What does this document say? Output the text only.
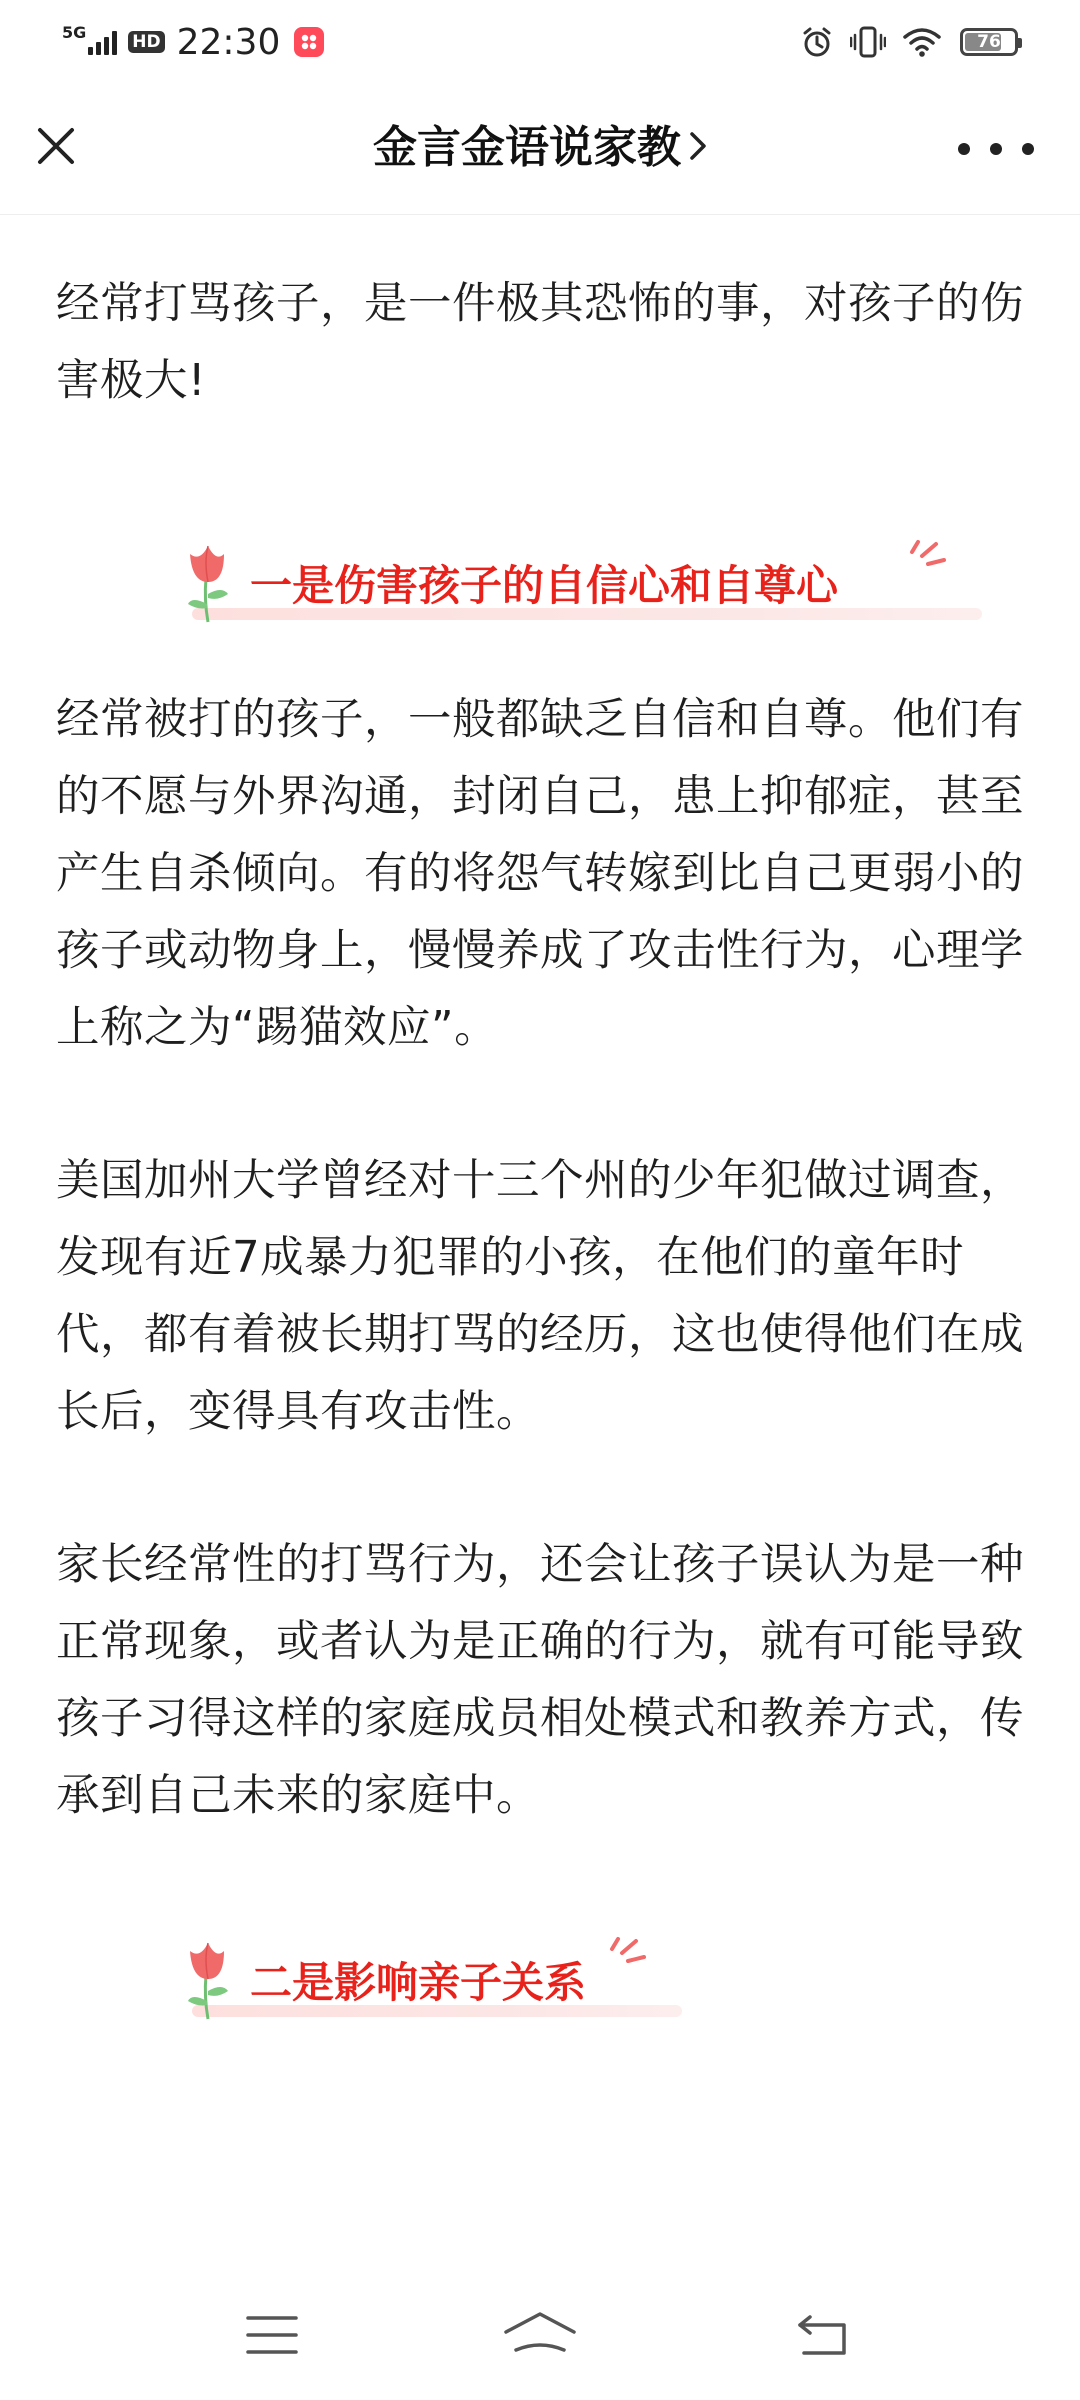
5G	HD 22:30	76
金言金语说家教

经常打骂孩子，是一件极其恐怖的事，对孩子的伤害极大!

一是伤害孩子的自信心和自尊心

经常被打的孩子，一般都缺乏自信和自尊。他们有的不愿与外界沟通，封闭自己，患上抑郁症，甚至产生自杀倾向。有的将怨气转嫁到比自己更弱小的孩子或动物身上，慢慢养成了攻击性行为，心理学上称之为“踢猫效应”。

美国加州大学曾经对十三个州的少年犯做过调查，发现有近7成暴力犯罪的小孩，在他们的童年时代，都有着被长期打骂的经历，这也使得他们在成长后，变得具有攻击性。

家长经常性的打骂行为，还会让孩子误认为是一种正常现象，或者认为是正确的行为，就有可能导致孩子习得这样的家庭成员相处模式和教养方式，传承到自己未来的家庭中。

二是影响亲子关系
